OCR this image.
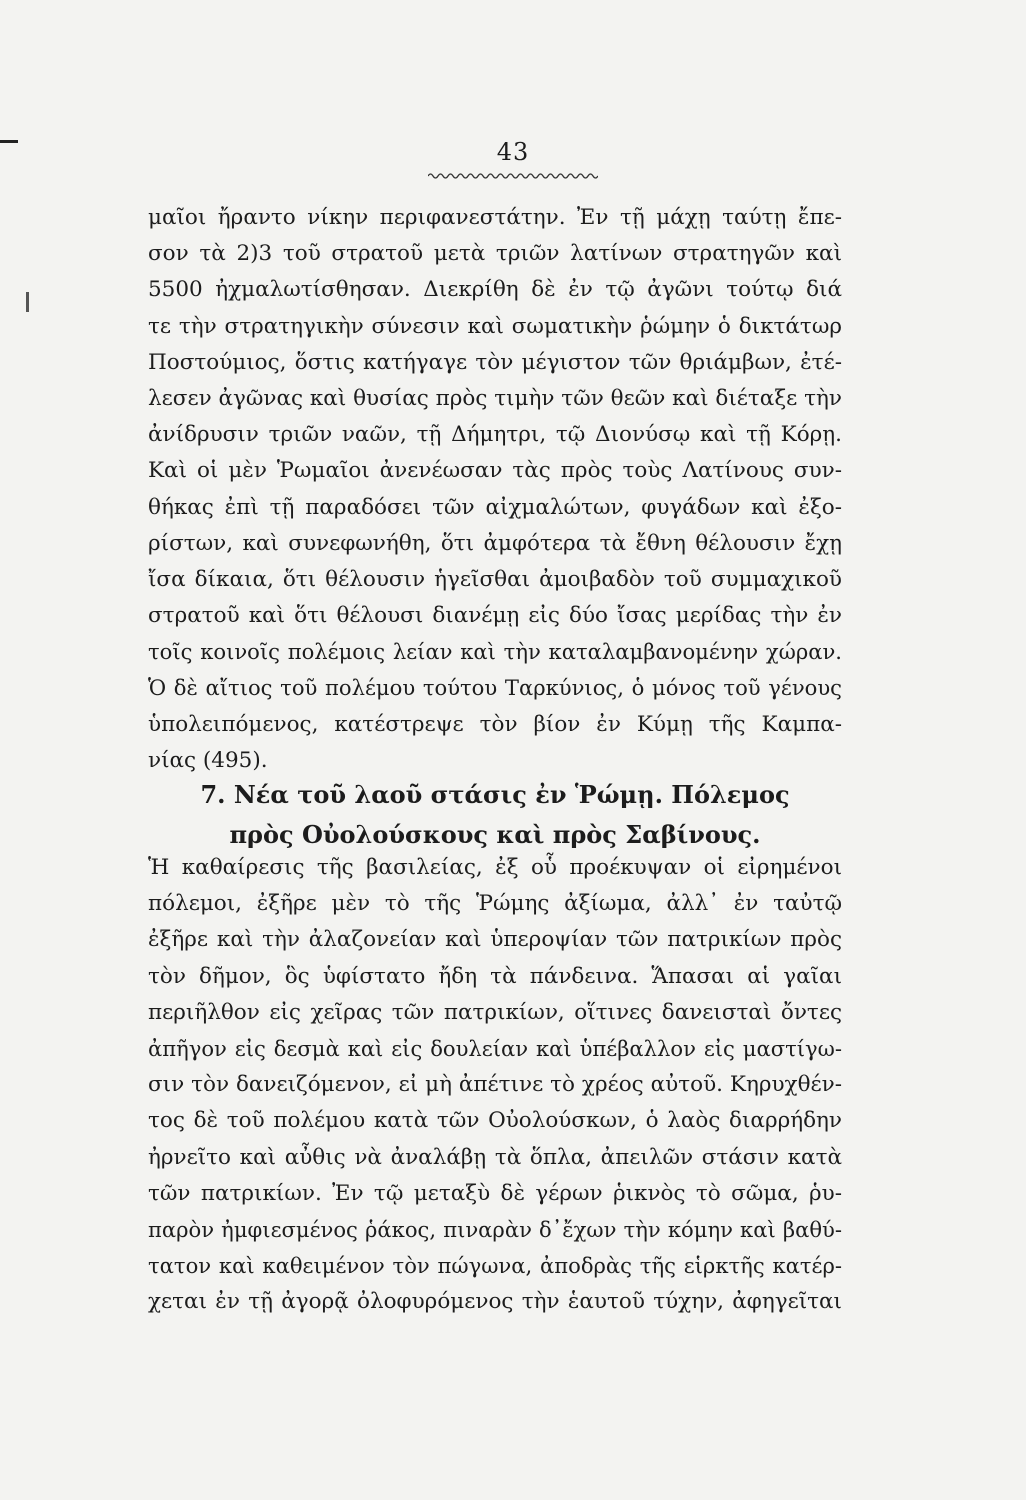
43
μαῖοι ἤραντο νίκην περιφανεστάτην. Ἐν τῇ μάχῃ ταύτῃ ἔπε-
σον τὰ 2)3 τοῦ στρατοῦ μετὰ τριῶν λατίνων στρατηγῶν καὶ
5500 ἠχμαλωτίσθησαν. Διεκρίθη δὲ ἐν τῷ ἀγῶνι τούτῳ διά
τε τὴν στρατηγικὴν σύνεσιν καὶ σωματικὴν ῥώμην ὁ δικτάτωρ
Ποστούμιος, ὅστις κατήγαγε τὸν μέγιστον τῶν θριάμβων, ἐτέ-
λεσεν ἀγῶνας καὶ θυσίας πρὸς τιμὴν τῶν θεῶν καὶ διέταξε τὴν
ἀνίδρυσιν τριῶν ναῶν, τῇ Δήμητρι, τῷ Διονύσῳ καὶ τῇ Κόρῃ.
Καὶ οἱ μὲν Ῥωμαῖοι ἀνενέωσαν τὰς πρὸς τοὺς Λατίνους συν-
θήκας ἐπὶ τῇ παραδόσει τῶν αἰχμαλώτων, φυγάδων καὶ ἐξο-
ρίστων, καὶ συνεφωνήθη, ὅτι ἀμφότερα τὰ ἔθνη θέλουσιν ἔχῃ
ἴσα δίκαια, ὅτι θέλουσιν ἡγεῖσθαι ἀμοιβαδὸν τοῦ συμμαχικοῦ
στρατοῦ καὶ ὅτι θέλουσι διανέμῃ εἰς δύο ἴσας μερίδας τὴν ἐν
τοῖς κοινοῖς πολέμοις λείαν καὶ τὴν καταλαμβανομένην χώραν.
Ὁ δὲ αἴτιος τοῦ πολέμου τούτου Ταρκύνιος, ὁ μόνος τοῦ γένους
ὑπολειπόμενος, κατέστρεψε τὸν βίον ἐν Κύμῃ τῆς Καμπα-
νίας (495).
7. Νέα τοῦ λαοῦ στάσις ἐν Ῥώμῃ. Πόλεμος
πρὸς Οὐολούσκους καὶ πρὸς Σαβίνους.
Ἡ καθαίρεσις τῆς βασιλείας, ἐξ οὗ προέκυψαν οἱ εἰρημένοι
πόλεμοι, ἐξῆρε μὲν τὸ τῆς Ῥώμης ἀξίωμα, ἀλλ᾽ ἐν ταὐτῷ
ἐξῆρε καὶ τὴν ἀλαζονείαν καὶ ὑπεροψίαν τῶν πατρικίων πρὸς
τὸν δῆμον, ὃς ὑφίστατο ἤδη τὰ πάνδεινα. Ἅπασαι αἱ γαῖαι
περιῆλθον εἰς χεῖρας τῶν πατρικίων, οἵτινες δανεισταὶ ὄντες
ἀπῆγον εἰς δεσμὰ καὶ εἰς δουλείαν καὶ ὑπέβαλλον εἰς μαστίγω-
σιν τὸν δανειζόμενον, εἰ μὴ ἀπέτινε τὸ χρέος αὐτοῦ. Κηρυχθέν-
τος δὲ τοῦ πολέμου κατὰ τῶν Οὐολούσκων, ὁ λαὸς διαρρήδην
ἠρνεῖτο καὶ αὖθις νὰ ἀναλάβῃ τὰ ὅπλα, ἀπειλῶν στάσιν κατὰ
τῶν πατρικίων. Ἐν τῷ μεταξὺ δὲ γέρων ῥικνὸς τὸ σῶμα, ῥυ-
παρὸν ἠμφιεσμένος ῥάκος, πιναρὰν δ᾽ἔχων τὴν κόμην καὶ βαθύ-
τατον καὶ καθειμένον τὸν πώγωνα, ἀποδρὰς τῆς εἱρκτῆς κατέρ-
χεται ἐν τῇ ἀγορᾷ ὀλοφυρόμενος τὴν ἑαυτοῦ τύχην, ἀφηγεῖται
